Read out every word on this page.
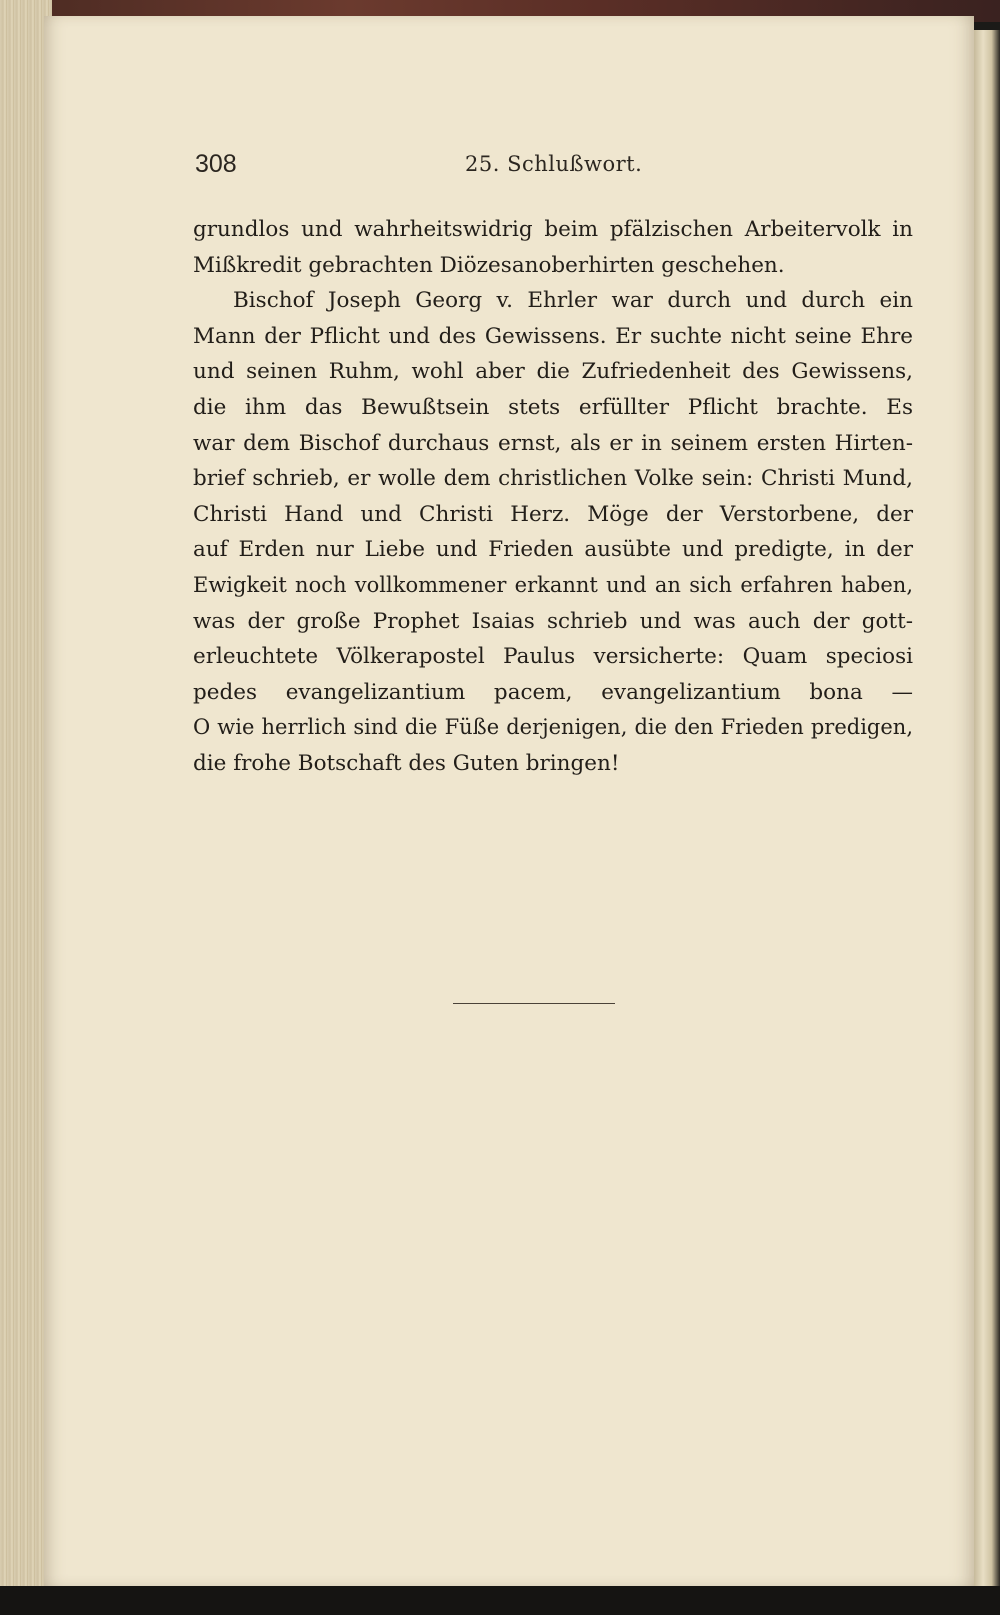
308	25. Schlußwort.
grundlos und wahrheitswidrig beim pfälzischen Arbeitervolk in
Mißkredit gebrachten Diözesanoberhirten geschehen.
Bischof Joseph Georg v. Ehrler war durch und durch ein
Mann der Pflicht und des Gewissens. Er suchte nicht seine Ehre
und seinen Ruhm, wohl aber die Zufriedenheit des Gewissens,
die ihm das Bewußtsein stets erfüllter Pflicht brachte. Es
war dem Bischof durchaus ernst, als er in seinem ersten Hirten-
brief schrieb, er wolle dem christlichen Volke sein: Christi Mund,
Christi Hand und Christi Herz. Möge der Verstorbene, der
auf Erden nur Liebe und Frieden ausübte und predigte, in der
Ewigkeit noch vollkommener erkannt und an sich erfahren haben,
was der große Prophet Isaias schrieb und was auch der gott-
erleuchtete Völkerapostel Paulus versicherte: Quam speciosi
pedes evangelizantium pacem, evangelizantium bona —
O wie herrlich sind die Füße derjenigen, die den Frieden predigen,
die frohe Botschaft des Guten bringen!
